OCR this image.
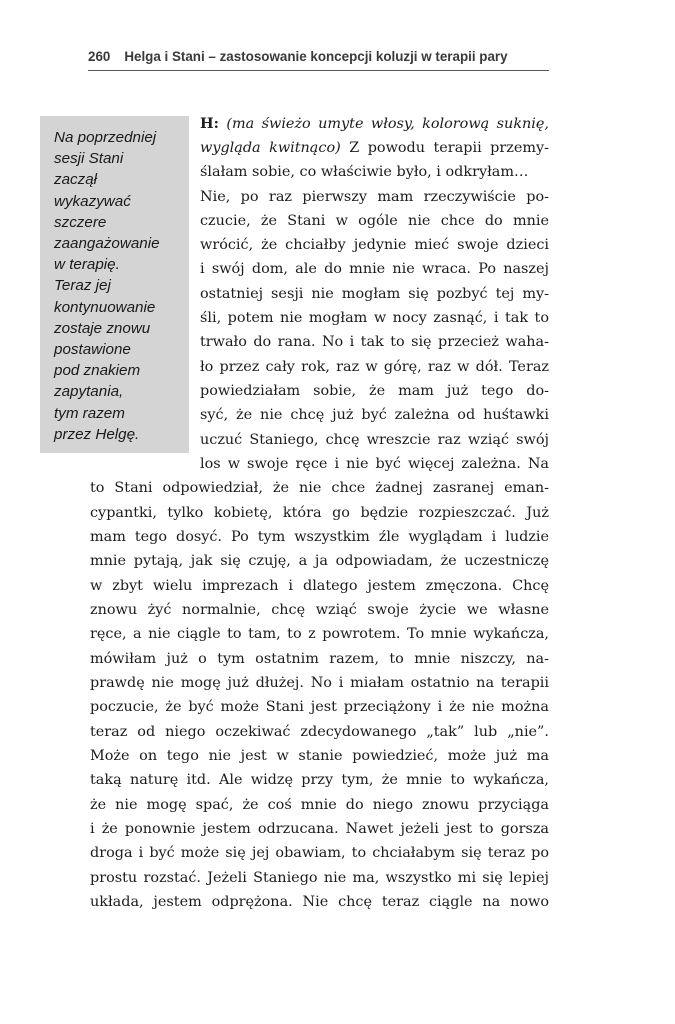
260 Helga i Stani – zastosowanie koncepcji koluzji w terapii pary
Na poprzedniej
sesji Stani
zaczął
wykazywać
szczere
zaangażowanie
w terapię.
Teraz jej
kontynuowanie
zostaje znowu
postawione
pod znakiem
zapytania,
tym razem
przez Helgę.
H: (ma świeżo umyte włosy, kolorową suknię,
wygląda kwitnąco) Z powodu terapii przemy-
ślałam sobie, co właściwie było, i odkryłam…
Nie, po raz pierwszy mam rzeczywiście po-
czucie, że Stani w ogóle nie chce do mnie
wrócić, że chciałby jedynie mieć swoje dzieci
i swój dom, ale do mnie nie wraca. Po naszej
ostatniej sesji nie mogłam się pozbyć tej my-
śli, potem nie mogłam w nocy zasnąć, i tak to
trwało do rana. No i tak to się przecież waha-
ło przez cały rok, raz w górę, raz w dół. Teraz
powiedziałam sobie, że mam już tego do-
syć, że nie chcę już być zależna od huśtawki
uczuć Staniego, chcę wreszcie raz wziąć swój
los w swoje ręce i nie być więcej zależna. Na
to Stani odpowiedział, że nie chce żadnej zasranej eman-
cypantki, tylko kobietę, która go będzie rozpieszczać. Już
mam tego dosyć. Po tym wszystkim źle wyglądam i ludzie
mnie pytają, jak się czuję, a ja odpowiadam, że uczestniczę
w zbyt wielu imprezach i dlatego jestem zmęczona. Chcę
znowu żyć normalnie, chcę wziąć swoje życie we własne
ręce, a nie ciągle to tam, to z powrotem. To mnie wykańcza,
mówiłam już o tym ostatnim razem, to mnie niszczy, na-
prawdę nie mogę już dłużej. No i miałam ostatnio na terapii
poczucie, że być może Stani jest przeciążony i że nie można
teraz od niego oczekiwać zdecydowanego „tak” lub „nie”.
Może on tego nie jest w stanie powiedzieć, może już ma
taką naturę itd. Ale widzę przy tym, że mnie to wykańcza,
że nie mogę spać, że coś mnie do niego znowu przyciąga
i że ponownie jestem odrzucana. Nawet jeżeli jest to gorsza
droga i być może się jej obawiam, to chciałabym się teraz po
prostu rozstać. Jeżeli Staniego nie ma, wszystko mi się lepiej
układa, jestem odprężona. Nie chcę teraz ciągle na nowo
